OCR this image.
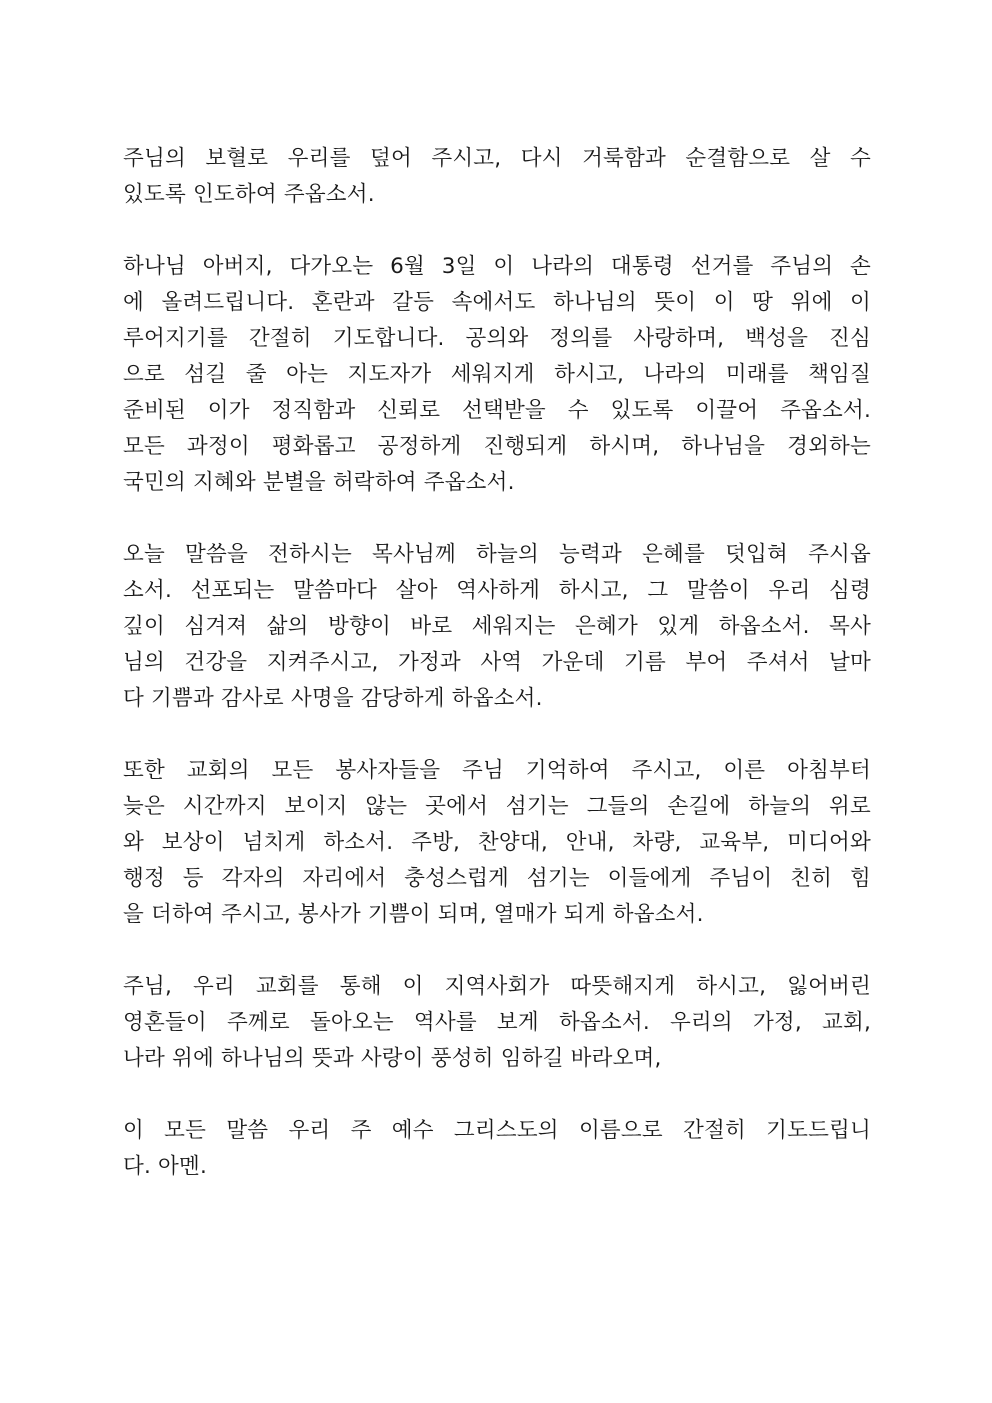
주님의 보혈로 우리를 덮어 주시고, 다시 거룩함과 순결함으로 살 수
있도록 인도하여 주옵소서.

하나님 아버지, 다가오는 6월 3일 이 나라의 대통령 선거를 주님의 손
에 올려드립니다. 혼란과 갈등 속에서도 하나님의 뜻이 이 땅 위에 이
루어지기를 간절히 기도합니다. 공의와 정의를 사랑하며, 백성을 진심
으로 섬길 줄 아는 지도자가 세워지게 하시고, 나라의 미래를 책임질
준비된 이가 정직함과 신뢰로 선택받을 수 있도록 이끌어 주옵소서.
모든 과정이 평화롭고 공정하게 진행되게 하시며, 하나님을 경외하는
국민의 지혜와 분별을 허락하여 주옵소서.

오늘 말씀을 전하시는 목사님께 하늘의 능력과 은혜를 덧입혀 주시옵
소서. 선포되는 말씀마다 살아 역사하게 하시고, 그 말씀이 우리 심령
깊이 심겨져 삶의 방향이 바로 세워지는 은혜가 있게 하옵소서. 목사
님의 건강을 지켜주시고, 가정과 사역 가운데 기름 부어 주셔서 날마
다 기쁨과 감사로 사명을 감당하게 하옵소서.

또한 교회의 모든 봉사자들을 주님 기억하여 주시고, 이른 아침부터
늦은 시간까지 보이지 않는 곳에서 섬기는 그들의 손길에 하늘의 위로
와 보상이 넘치게 하소서. 주방, 찬양대, 안내, 차량, 교육부, 미디어와
행정 등 각자의 자리에서 충성스럽게 섬기는 이들에게 주님이 친히 힘
을 더하여 주시고, 봉사가 기쁨이 되며, 열매가 되게 하옵소서.

주님, 우리 교회를 통해 이 지역사회가 따뜻해지게 하시고, 잃어버린
영혼들이 주께로 돌아오는 역사를 보게 하옵소서. 우리의 가정, 교회,
나라 위에 하나님의 뜻과 사랑이 풍성히 임하길 바라오며,

이 모든 말씀 우리 주 예수 그리스도의 이름으로 간절히 기도드립니
다. 아멘.
